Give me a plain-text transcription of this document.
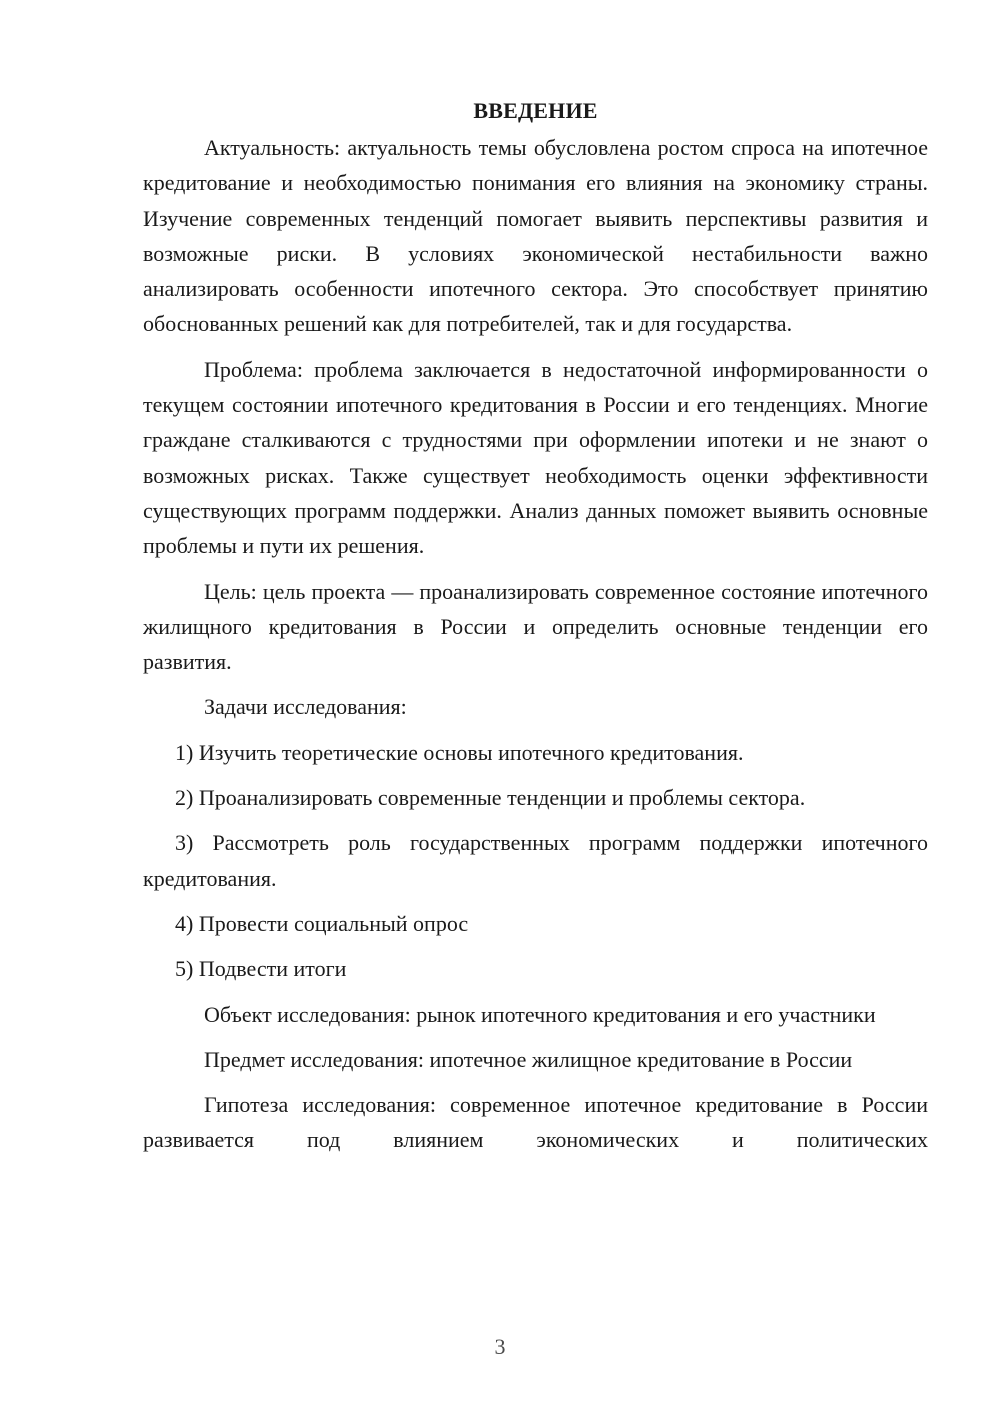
ВВЕДЕНИЕ

Актуальность: актуальность темы обусловлена ростом спроса на ипотечное кредитование и необходимостью понимания его влияния на экономику страны. Изучение современных тенденций помогает выявить перспективы развития и возможные риски. В условиях экономической нестабильности важно анализировать особенности ипотечного сектора. Это способствует принятию обоснованных решений как для потребителей, так и для государства.

Проблема: проблема заключается в недостаточной информированности о текущем состоянии ипотечного кредитования в России и его тенденциях. Многие граждане сталкиваются с трудностями при оформлении ипотеки и не знают о возможных рисках. Также существует необходимость оценки эффективности существующих программ поддержки. Анализ данных поможет выявить основные проблемы и пути их решения.

Цель: цель проекта — проанализировать современное состояние ипотечного жилищного кредитования в России и определить основные тенденции его развития.

Задачи исследования:

1) Изучить теоретические основы ипотечного кредитования.

2) Проанализировать современные тенденции и проблемы сектора.

3) Рассмотреть роль государственных программ поддержки ипотечного кредитования.

4) Провести социальный опрос

5) Подвести итоги

Объект исследования: рынок ипотечного кредитования и его участники

Предмет исследования: ипотечное жилищное кредитование в России

Гипотеза исследования: современное ипотечное кредитование в России развивается под влиянием экономических и политических

3
